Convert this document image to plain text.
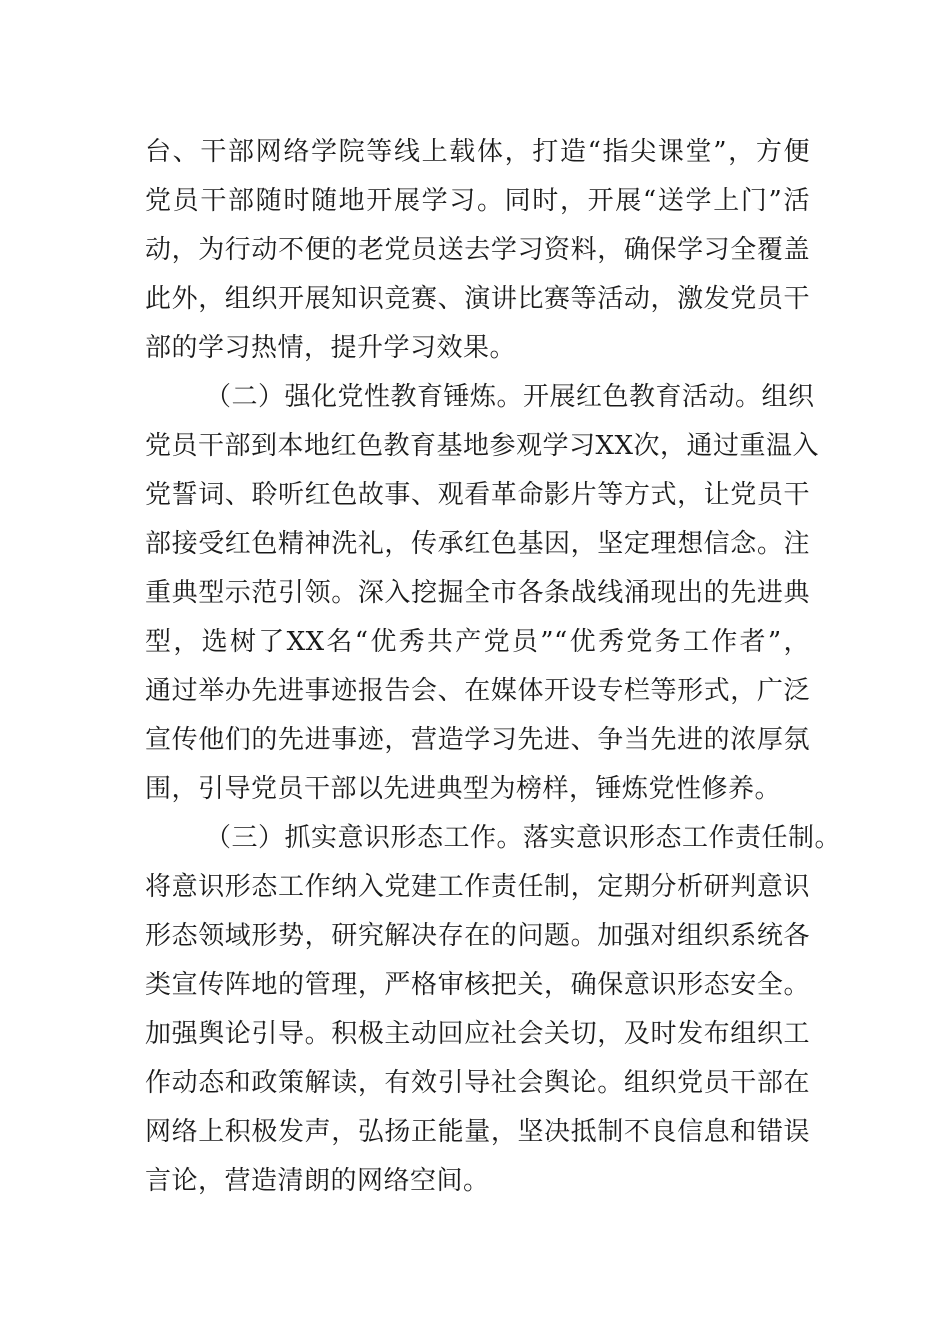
台、干部网络学院等线上载体，打造“指尖课堂”，方便
党员干部随时随地开展学习。同时，开展“送学上门”活
动，为行动不便的老党员送去学习资料，确保学习全覆盖
此外，组织开展知识竞赛、演讲比赛等活动，激发党员干
部的学习热情，提升学习效果。
（二）强化党性教育锤炼。开展红色教育活动。组织
党员干部到本地红色教育基地参观学习XX次，通过重温入
党誓词、聆听红色故事、观看革命影片等方式，让党员干
部接受红色精神洗礼，传承红色基因，坚定理想信念。注
重典型示范引领。深入挖掘全市各条战线涌现出的先进典
型，选树了XX名“优秀共产党员”“优秀党务工作者”，
通过举办先进事迹报告会、在媒体开设专栏等形式，广泛
宣传他们的先进事迹，营造学习先进、争当先进的浓厚氛
围，引导党员干部以先进典型为榜样，锤炼党性修养。
（三）抓实意识形态工作。落实意识形态工作责任制。
将意识形态工作纳入党建工作责任制，定期分析研判意识
形态领域形势，研究解决存在的问题。加强对组织系统各
类宣传阵地的管理，严格审核把关，确保意识形态安全。
加强舆论引导。积极主动回应社会关切，及时发布组织工
作动态和政策解读，有效引导社会舆论。组织党员干部在
网络上积极发声，弘扬正能量，坚决抵制不良信息和错误
言论，营造清朗的网络空间。
